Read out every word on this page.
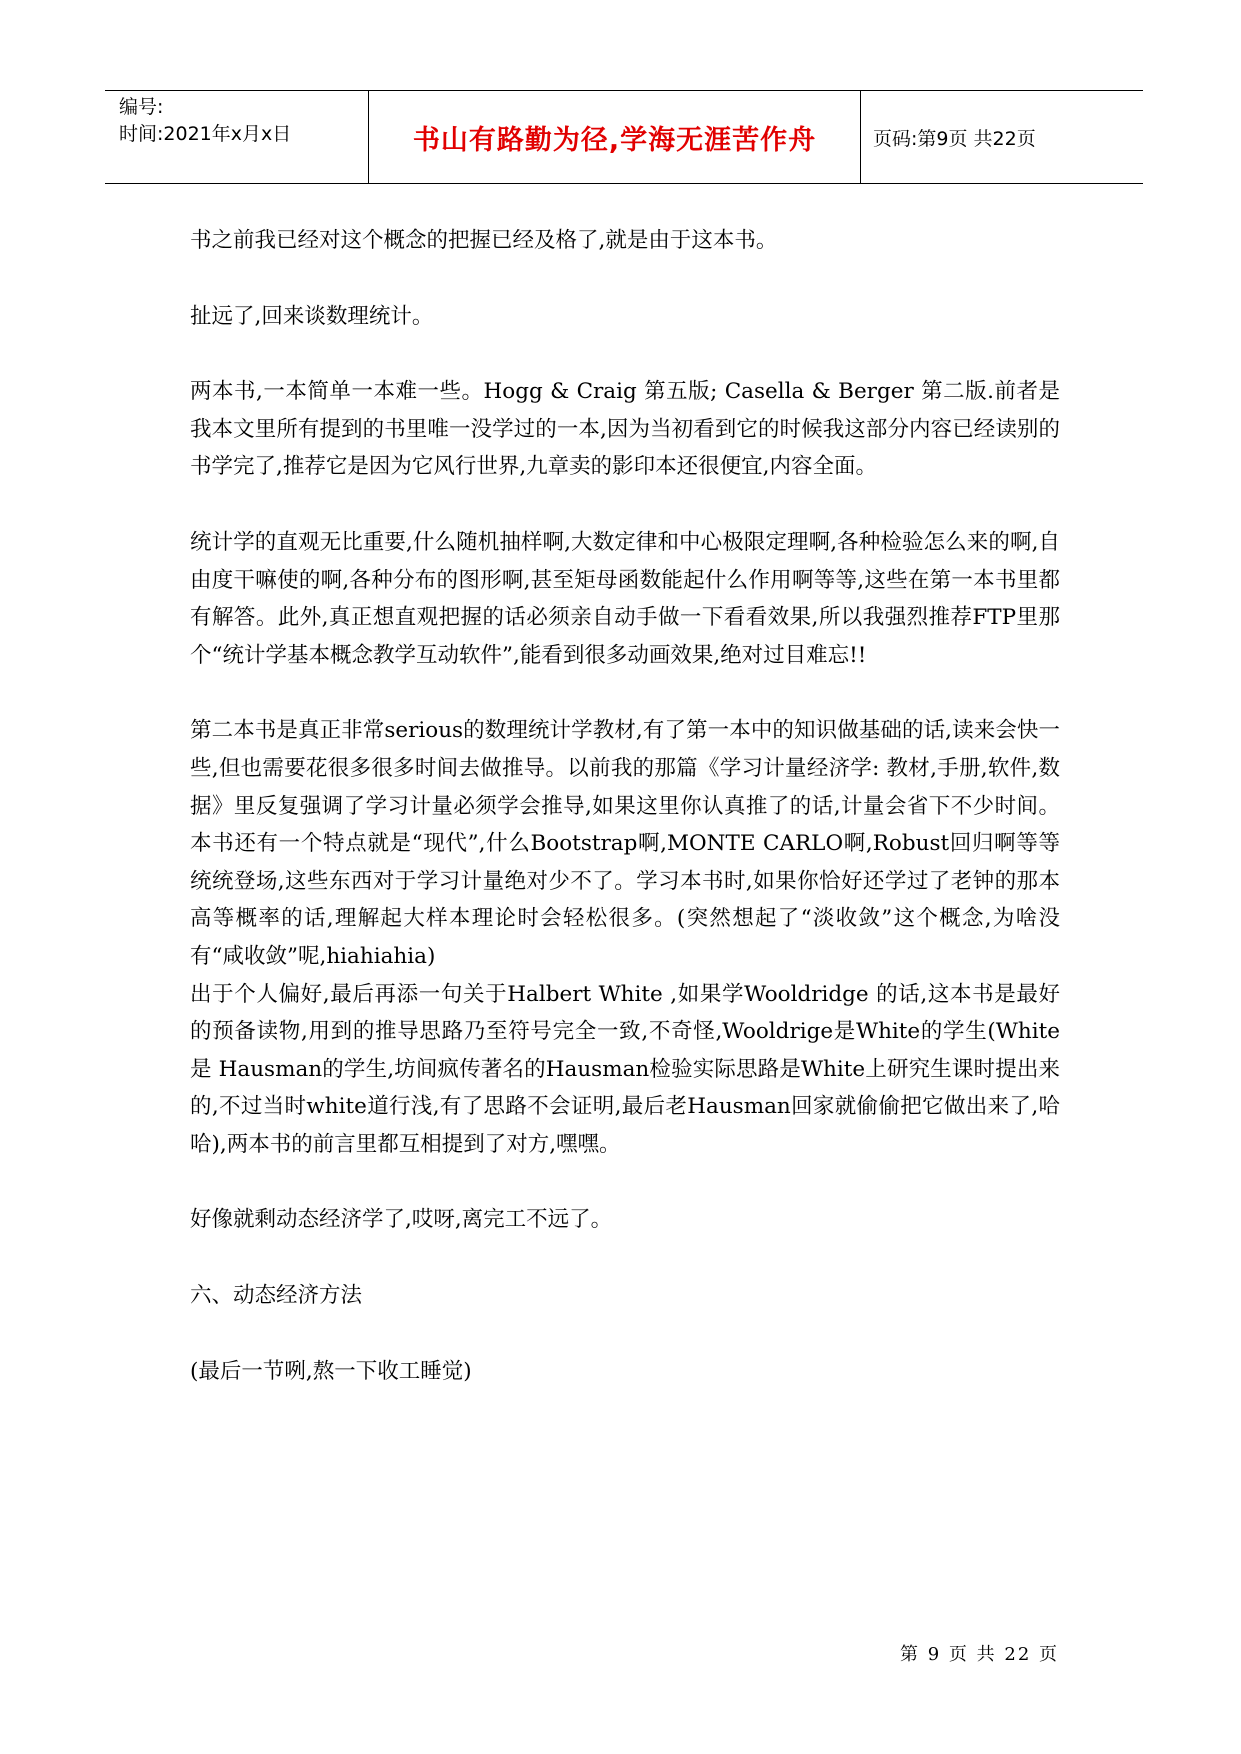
编号:
时间:2021年x月x日	书山有路勤为径,学海无涯苦作舟	页码:第9页 共22页

书之前我已经对这个概念的把握已经及格了,就是由于这本书。

扯远了,回来谈数理统计。

两本书,一本简单一本难一些。Hogg & Craig 第五版; Casella & Berger 第二版.前者是我本文里所有提到的书里唯一没学过的一本,因为当初看到它的时候我这部分内容已经读别的书学完了,推荐它是因为它风行世界,九章卖的影印本还很便宜,内容全面。

统计学的直观无比重要,什么随机抽样啊,大数定律和中心极限定理啊,各种检验怎么来的啊,自由度干嘛使的啊,各种分布的图形啊,甚至矩母函数能起什么作用啊等等,这些在第一本书里都有解答。此外,真正想直观把握的话必须亲自动手做一下看看效果,所以我强烈推荐FTP里那个“统计学基本概念教学互动软件”,能看到很多动画效果,绝对过目难忘!!

第二本书是真正非常serious的数理统计学教材,有了第一本中的知识做基础的话,读来会快一些,但也需要花很多很多时间去做推导。以前我的那篇《学习计量经济学: 教材,手册,软件,数据》里反复强调了学习计量必须学会推导,如果这里你认真推了的话,计量会省下不少时间。本书还有一个特点就是“现代”,什么Bootstrap啊,MONTE CARLO啊,Robust回归啊等等统统登场,这些东西对于学习计量绝对少不了。学习本书时,如果你恰好还学过了老钟的那本高等概率的话,理解起大样本理论时会轻松很多。(突然想起了“淡收敛”这个概念,为啥没有“咸收敛”呢,hiahiahia)

出于个人偏好,最后再添一句关于Halbert White ,如果学Wooldridge 的话,这本书是最好的预备读物,用到的推导思路乃至符号完全一致,不奇怪,Wooldrige是White的学生(White 是 Hausman的学生,坊间疯传著名的Hausman检验实际思路是White上研究生课时提出来的,不过当时white道行浅,有了思路不会证明,最后老Hausman回家就偷偷把它做出来了,哈哈),两本书的前言里都互相提到了对方,嘿嘿。

好像就剩动态经济学了,哎呀,离完工不远了。

六、动态经济方法

(最后一节咧,熬一下收工睡觉)

第 9 页 共 22 页
